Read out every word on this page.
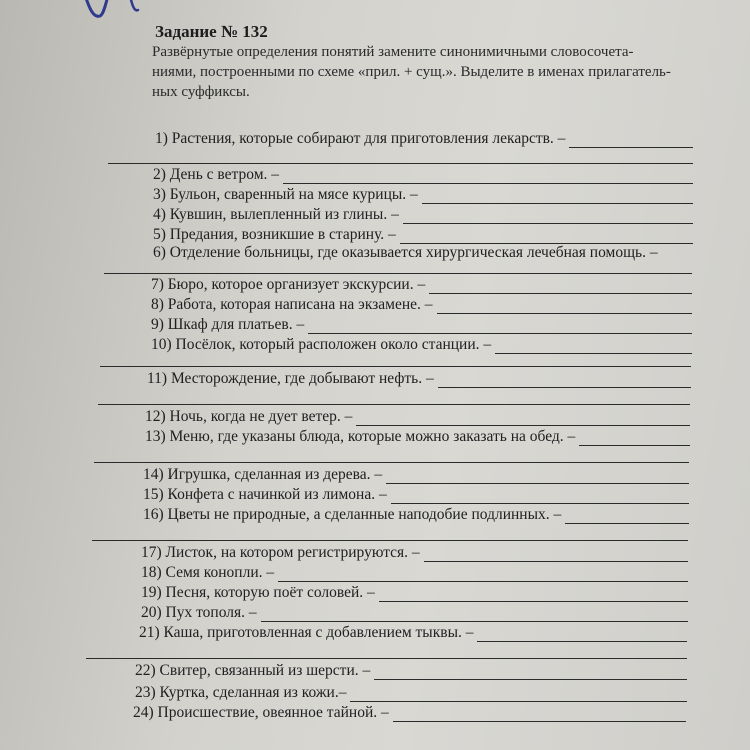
Задание № 132
Развёрнутые определения понятий замените синонимичными словосочета-
ниями, построенными по схеме «прил. + сущ.». Выделите в именах прилагатель-
ных суффиксы.
1) Растения, которые собирают для приготовления лекарств. –
2) День с ветром. –
3) Бульон, сваренный на мясе курицы. –
4) Кувшин, вылепленный из глины. –
5) Предания, возникшие в старину. –
6) Отделение больницы, где оказывается хирургическая лечебная помощь. –
7) Бюро, которое организует экскурсии. –
8) Работа, которая написана на экзамене. –
9) Шкаф для платьев. –
10) Посёлок, который расположен около станции. –
11) Месторождение, где добывают нефть. –
12) Ночь, когда не дует ветер. –
13) Меню, где указаны блюда, которые можно заказать на обед. –
14) Игрушка, сделанная из дерева. –
15) Конфета с начинкой из лимона. –
16) Цветы не природные, а сделанные наподобие подлинных. –
17) Листок, на котором регистрируются. –
18) Семя конопли. –
19) Песня, которую поёт соловей. –
20) Пух тополя. –
21) Каша, приготовленная с добавлением тыквы. –
22) Свитер, связанный из шерсти. –
23) Куртка, сделанная из кожи.–
24) Происшествие, овеянное тайной. –
